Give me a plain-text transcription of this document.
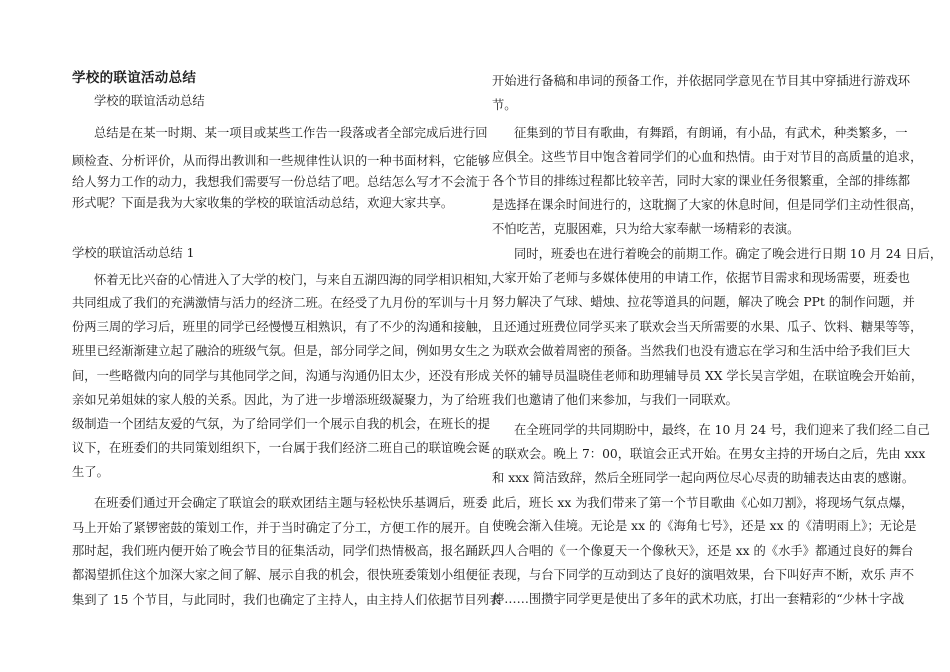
学校的联谊活动总结
学校的联谊活动总结
总结是在某一时期、某一项目或某些工作告一段落或者全部完成后进行回
顾检查、分析评价，从而得出教训和一些规律性认识的一种书面材料，它能够
给人努力工作的动力，我想我们需要写一份总结了吧。总结怎么写才不会流于
形式呢？下面是我为大家收集的学校的联谊活动总结，欢迎大家共享。
学校的联谊活动总结 1
怀着无比兴奋的心情进入了大学的校门，与来自五湖四海的同学相识相知，
共同组成了我们的充满激情与活力的经济二班。在经受了九月份的军训与十月
份两三周的学习后，班里的同学已经慢慢互相熟识，有了不少的沟通和接触，
班里已经渐渐建立起了融洽的班级气氛。但是，部分同学之间，例如男女生之
间，一些略微内向的同学与其他同学之间，沟通与沟通仍旧太少，还没有形成
亲如兄弟姐妹的家人般的关系。因此，为了进一步增添班级凝聚力，为了给班
级制造一个团结友爱的气氛，为了给同学们一个展示自我的机会，在班长的提
议下，在班委们的共同策划组织下，一台属于我们经济二班自己的联谊晚会诞
生了。
在班委们通过开会确定了联谊会的联欢团结主题与轻松快乐基调后，班委
马上开始了紧锣密鼓的策划工作，并于当时确定了分工，方便工作的展开。自
那时起，我们班内便开始了晚会节目的征集活动，同学们热情极高，报名踊跃，
都渴望抓住这个加深大家之间了解、展示自我的机会，很快班委策划小组便征
集到了 15 个节目，与此同时，我们也确定了主持人，由主持人们依据节目列表
开始进行备稿和串词的预备工作，并依据同学意见在节目其中穿插进行游戏环
节。
征集到的节目有歌曲，有舞蹈，有朗诵，有小品，有武术，种类繁多，一
应俱全。这些节目中饱含着同学们的心血和热情。由于对节目的高质量的追求，
各个节目的排练过程都比较辛苦，同时大家的课业任务很繁重，全部的排练都
是选择在课余时间进行的，这耽搁了大家的休息时间，但是同学们主动性很高，
不怕吃苦，克服困难，只为给大家奉献一场精彩的表演。
同时，班委也在进行着晚会的前期工作。确定了晚会进行日期 10 月 24 日后，
大家开始了老师与多媒体使用的申请工作，依据节目需求和现场需要，班委也
努力解决了气球、蜡烛、拉花等道具的问题，解决了晚会 PPt 的制作问题，并
且还通过班费位同学买来了联欢会当天所需要的水果、瓜子、饮料、糖果等等，
为联欢会做着周密的预备。当然我们也没有遗忘在学习和生活中给予我们巨大
关怀的辅导员温晓佳老师和助理辅导员 XX 学长吴言学姐，在联谊晚会开始前，
我们也邀请了他们来参加，与我们一同联欢。
在全班同学的共同期盼中，最终，在 10 月 24 号，我们迎来了我们经二自己
的联欢会。晚上 7：00，联谊会正式开始。在男女主持的开场白之后，先由 xxx
和 xxx 简洁致辞，然后全班同学一起向两位尽心尽责的助辅表达由衷的感谢。
此后，班长 xx 为我们带来了第一个节目歌曲《心如刀割》，将现场气氛点爆，
使晚会渐入佳境。无论是 xx 的《海角七号》，还是 xx 的《清明雨上》；无论是
四人合唱的《一个像夏天一个像秋天》，还是 xx 的《水手》都通过良好的舞台
表现，与台下同学的互动到达了良好的演唱效果，台下叫好声不断，欢乐 声不
停……围攒宇同学更是使出了多年的武术功底，打出一套精彩的“少林十字战
